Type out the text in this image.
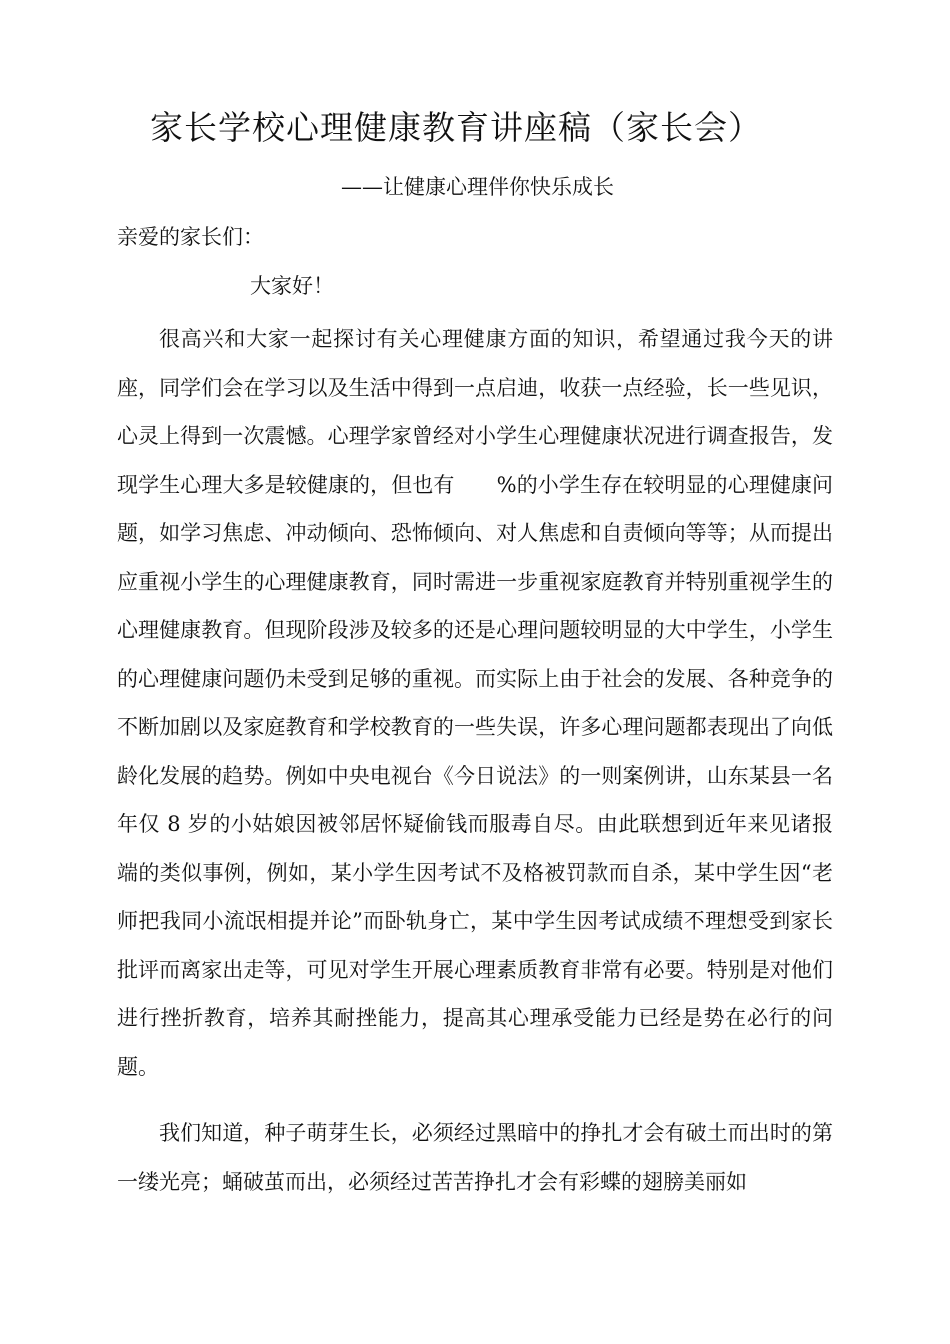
家长学校心理健康教育讲座稿（家长会）
——让健康心理伴你快乐成长
亲爱的家长们：
大家好！

很高兴和大家一起探讨有关心理健康方面的知识，希望通过我今天的讲座，同学们会在学习以及生活中得到一点启迪，收获一点经验，长一些见识，心灵上得到一次震憾。心理学家曾经对小学生心理健康状况进行调查报告，发现学生心理大多是较健康的，但也有　　%的小学生存在较明显的心理健康问题，如学习焦虑、冲动倾向、恐怖倾向、对人焦虑和自责倾向等等；从而提出应重视小学生的心理健康教育，同时需进一步重视家庭教育并特别重视学生的心理健康教育。但现阶段涉及较多的还是心理问题较明显的大中学生，小学生的心理健康问题仍未受到足够的重视。而实际上由于社会的发展、各种竞争的不断加剧以及家庭教育和学校教育的一些失误，许多心理问题都表现出了向低龄化发展的趋势。例如中央电视台《今日说法》的一则案例讲，山东某县一名年仅 8 岁的小姑娘因被邻居怀疑偷钱而服毒自尽。由此联想到近年来见诸报端的类似事例，例如，某小学生因考试不及格被罚款而自杀，某中学生因“老师把我同小流氓相提并论”而卧轨身亡，某中学生因考试成绩不理想受到家长批评而离家出走等，可见对学生开展心理素质教育非常有必要。特别是对他们进行挫折教育，培养其耐挫能力，提高其心理承受能力已经是势在必行的问题。

我们知道，种子萌芽生长，必须经过黑暗中的挣扎才会有破土而出时的第一缕光亮；蛹破茧而出，必须经过苦苦挣扎才会有彩蝶的翅膀美丽如
